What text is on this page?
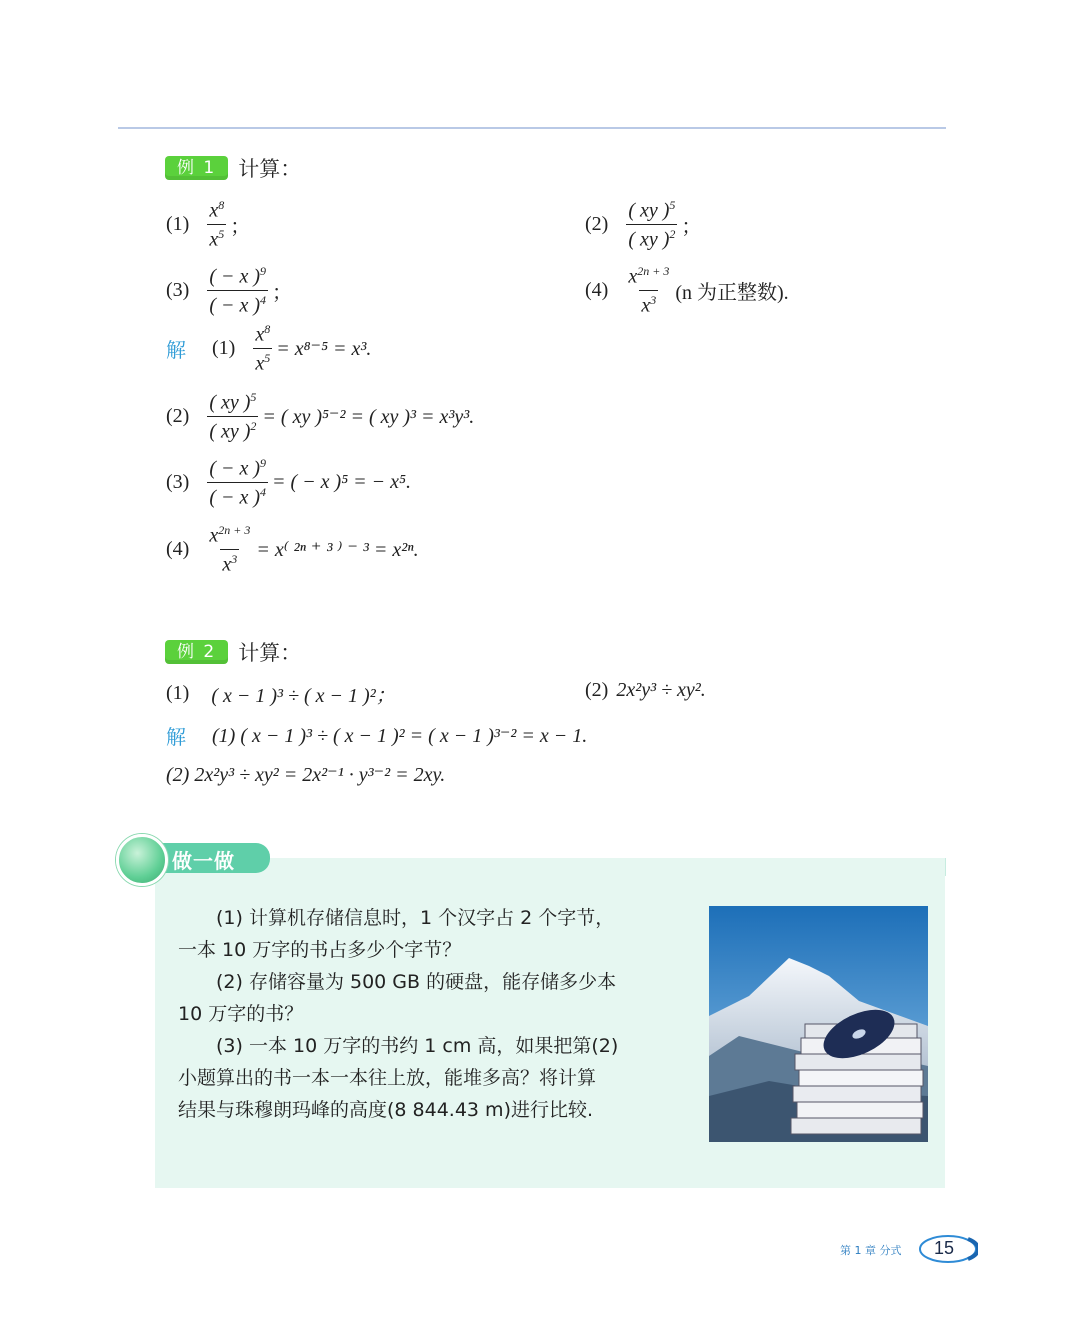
例 1	计算：
$(1) \frac{x^8}{x^5}$ ；	$(2) \frac{( xy )^5}{( xy )^2}$ ；
$(3) \frac{( - x )^9}{( - x )^4}$ ；	$(4) \frac{x^{2n + 3}}{x^3} (n$ 为正整数).
解 $(1) \frac{x^8}{x^5} = x^{8-5} = x^3$.
$(2) \frac{( xy )^5}{( xy )^2}$ = ( xy )⁵⁻² = ( xy )³ = x³y³.
$(3) \frac{( - x )^9}{( - x )^4}$ = ( − x )⁵ = − x⁵.
$(4) \frac{x^{2n + 3}}{x^3} = x^($ ²ⁿ ⁺ ³ ⁾ ⁻ ³ = x²ⁿ.
例 2	计算：
(1) ( x − 1 )³ ÷ ( x − 1 )²；	(2) 2x²y³ ÷ xy².
解 (1) ( x − 1 )³ ÷ ( x − 1 )² = ( x − 1 )³⁻² = x − 1.
(2) 2x²y³ ÷ xy² = 2x²⁻¹ · y³⁻² = 2xy.
做一做

(1) 计算机存储信息时，1 个汉字占 2 个字节，

一本 10 万字的书占多少个字节？

(2) 存储容量为 500 GB 的硬盘，能存储多少本

10 万字的书？

(3) 一本 10 万字的书约 1 cm 高，如果把第(2)

小题算出的书一本一本往上放，能堆多高？将计算

结果与珠穆朗玛峰的高度(8 844.43 m)进行比较.

第 1 章 分式	15
